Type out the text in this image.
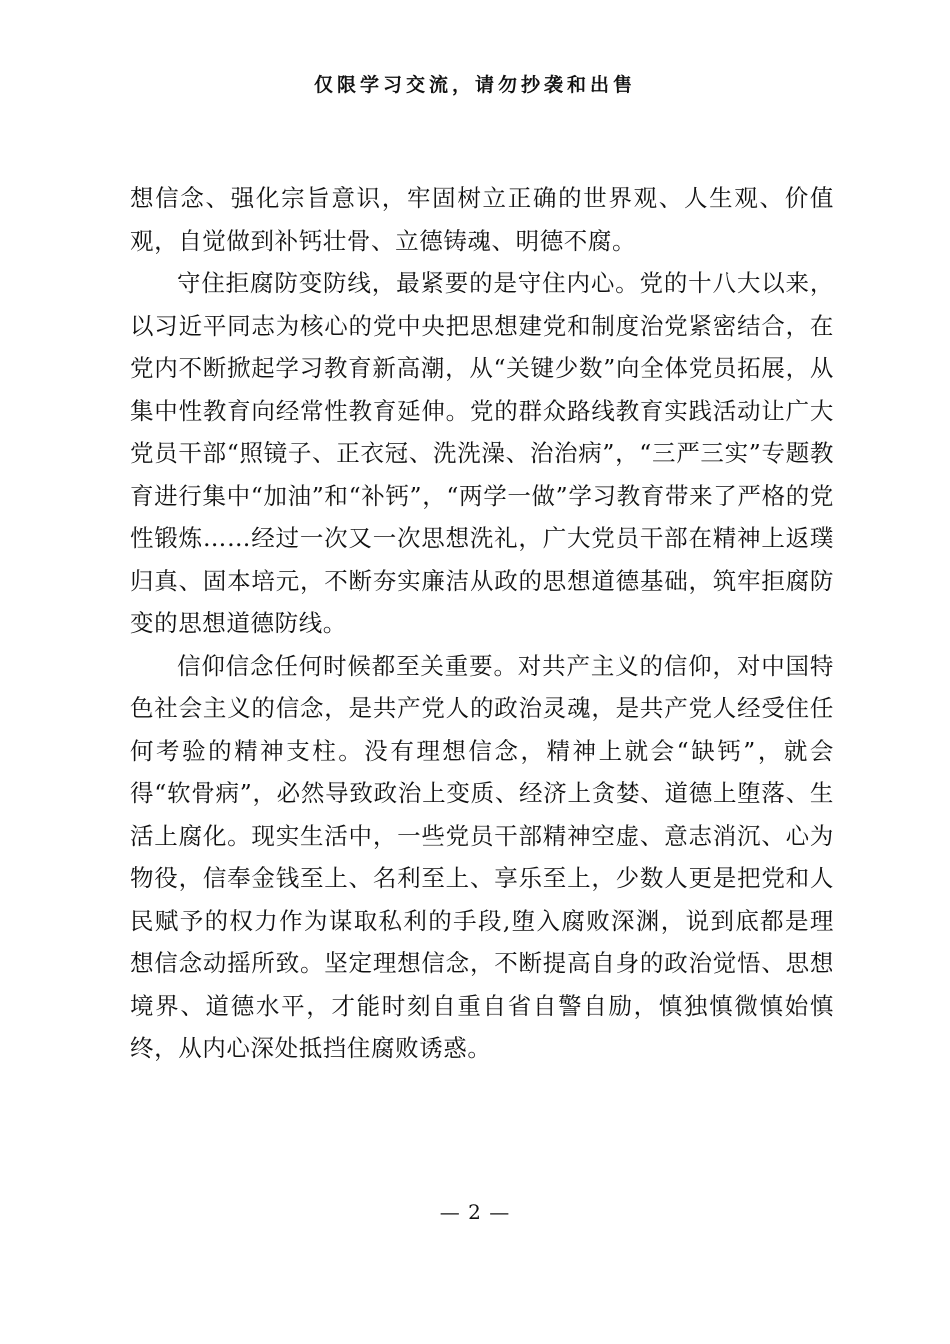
仅限学习交流，请勿抄袭和出售

想信念、强化宗旨意识，牢固树立正确的世界观、人生观、价值观，自觉做到补钙壮骨、立德铸魂、明德不腐。

守住拒腐防变防线，最紧要的是守住内心。党的十八大以来，以习近平同志为核心的党中央把思想建党和制度治党紧密结合，在党内不断掀起学习教育新高潮，从“关键少数”向全体党员拓展，从集中性教育向经常性教育延伸。党的群众路线教育实践活动让广大党员干部“照镜子、正衣冠、洗洗澡、治治病”，“三严三实”专题教育进行集中“加油”和“补钙”，“两学一做”学习教育带来了严格的党性锻炼……经过一次又一次思想洗礼，广大党员干部在精神上返璞归真、固本培元，不断夯实廉洁从政的思想道德基础，筑牢拒腐防变的思想道德防线。

信仰信念任何时候都至关重要。对共产主义的信仰，对中国特色社会主义的信念，是共产党人的政治灵魂，是共产党人经受住任何考验的精神支柱。没有理想信念，精神上就会“缺钙”，就会得“软骨病”，必然导致政治上变质、经济上贪婪、道德上堕落、生活上腐化。现实生活中，一些党员干部精神空虚、意志消沉、心为物役，信奉金钱至上、名利至上、享乐至上，少数人更是把党和人民赋予的权力作为谋取私利的手段,堕入腐败深渊，说到底都是理想信念动摇所致。坚定理想信念，不断提高自身的政治觉悟、思想境界、道德水平，才能时刻自重自省自警自励，慎独慎微慎始慎终，从内心深处抵挡住腐败诱惑。

— 2 —
